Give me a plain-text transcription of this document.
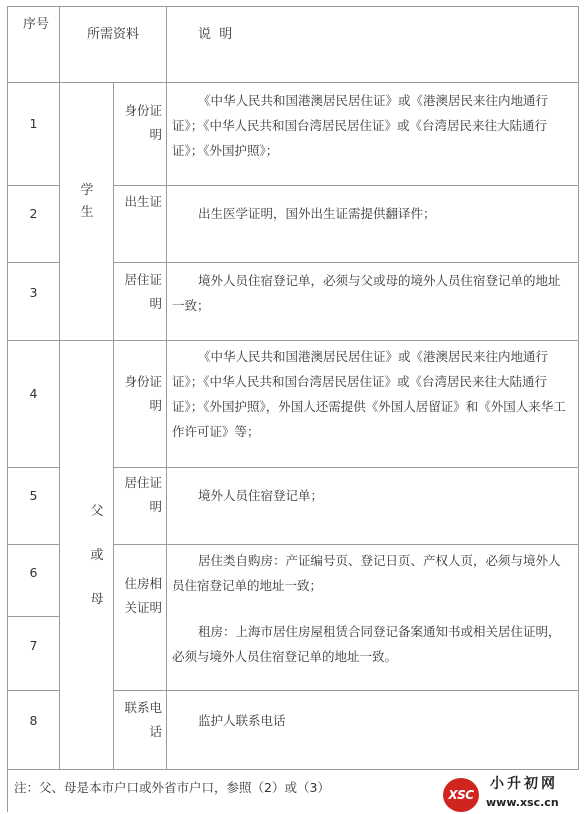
序号
所需资料	说  明
学生
父或母
1
身份证明
《中华人民共和国港澳居民居住证》或《港澳居民来往内地通行证》；《中华人民共和国台湾居民居住证》或《台湾居民来往大陆通行证》；《外国护照》；
2
出生证
出生医学证明，国外出生证需提供翻译件；
3
居住证明
境外人员住宿登记单，必须与父或母的境外人员住宿登记单的地址一致；
4
身份证明
《中华人民共和国港澳居民居住证》或《港澳居民来往内地通行证》；《中华人民共和国台湾居民居住证》或《台湾居民来往大陆通行证》；《外国护照》，外国人还需提供《外国人居留证》和《外国人来华工作许可证》等；
5
居住证明
境外人员住宿登记单；
6
住房相关证明
居住类自购房：产证编号页、登记日页、产权人页，必须与境外人员住宿登记单的地址一致；
7
租房：上海市居住房屋租赁合同登记备案通知书或相关居住证明，必须与境外人员住宿登记单的地址一致。
8
联系电话
监护人联系电话
注：父、母是本市户口或外省市户口，参照（2）或（3）	XSC
小升初网
www.xsc.cn
